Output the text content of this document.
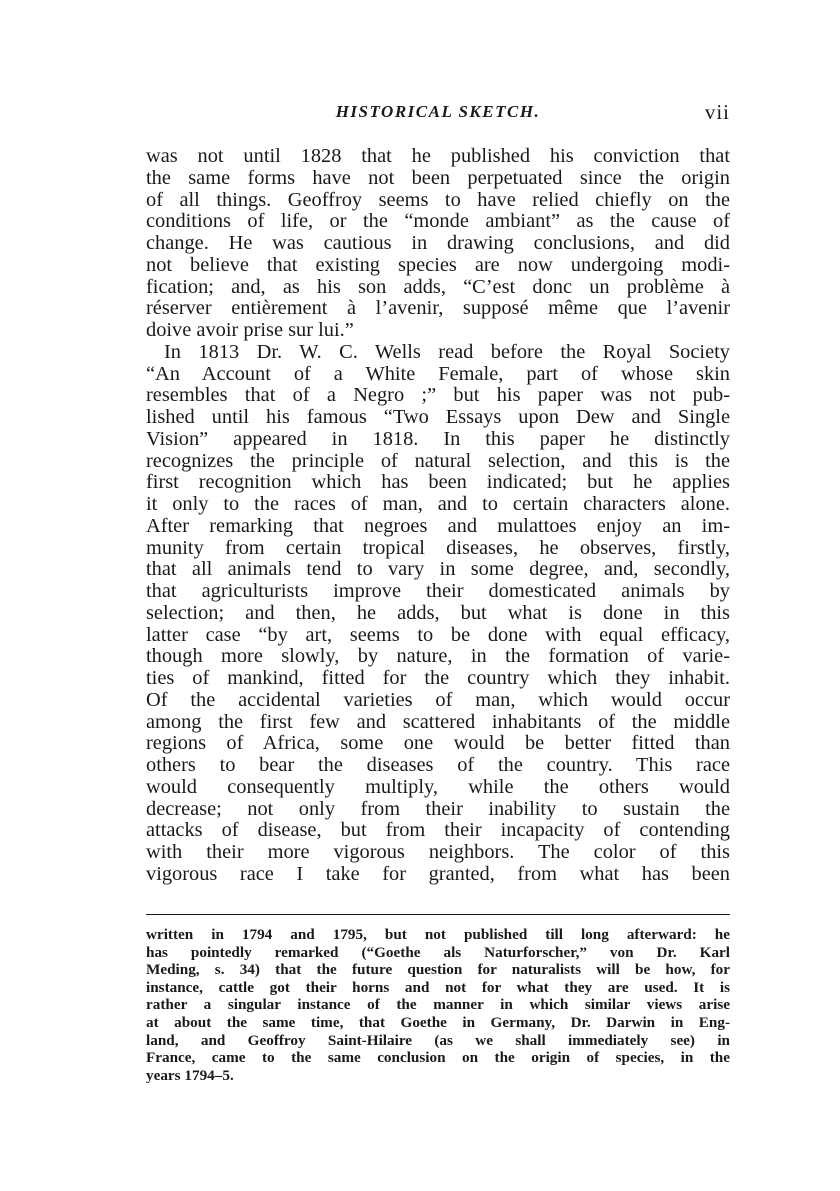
HISTORICAL SKETCH.	vii
was not until 1828 that he published his conviction that
the same forms have not been perpetuated since the origin
of all things. Geoffroy seems to have relied chiefly on the
conditions of life, or the “monde ambiant” as the cause of
change. He was cautious in drawing conclusions, and did
not believe that existing species are now undergoing modi-
fication; and, as his son adds, “C’est donc un problème à
réserver entièrement à l’avenir, supposé même que l’avenir
doive avoir prise sur lui.”
In 1813 Dr. W. C. Wells read before the Royal Society
“An Account of a White Female, part of whose skin
resembles that of a Negro ;” but his paper was not pub-
lished until his famous “Two Essays upon Dew and Single
Vision” appeared in 1818. In this paper he distinctly
recognizes the principle of natural selection, and this is the
first recognition which has been indicated; but he applies
it only to the races of man, and to certain characters alone.
After remarking that negroes and mulattoes enjoy an im-
munity from certain tropical diseases, he observes, firstly,
that all animals tend to vary in some degree, and, secondly,
that agriculturists improve their domesticated animals by
selection; and then, he adds, but what is done in this
latter case “by art, seems to be done with equal efficacy,
though more slowly, by nature, in the formation of varie-
ties of mankind, fitted for the country which they inhabit.
Of the accidental varieties of man, which would occur
among the first few and scattered inhabitants of the middle
regions of Africa, some one would be better fitted than
others to bear the diseases of the country. This race
would consequently multiply, while the others would
decrease; not only from their inability to sustain the
attacks of disease, but from their incapacity of contending
with their more vigorous neighbors. The color of this
vigorous race I take for granted, from what has been
written in 1794 and 1795, but not published till long afterward: he
has pointedly remarked (“Goethe als Naturforscher,” von Dr. Karl
Meding, s. 34) that the future question for naturalists will be how, for
instance, cattle got their horns and not for what they are used. It is
rather a singular instance of the manner in which similar views arise
at about the same time, that Goethe in Germany, Dr. Darwin in Eng-
land, and Geoffroy Saint-Hilaire (as we shall immediately see) in
France, came to the same conclusion on the origin of species, in the
years 1794–5.
